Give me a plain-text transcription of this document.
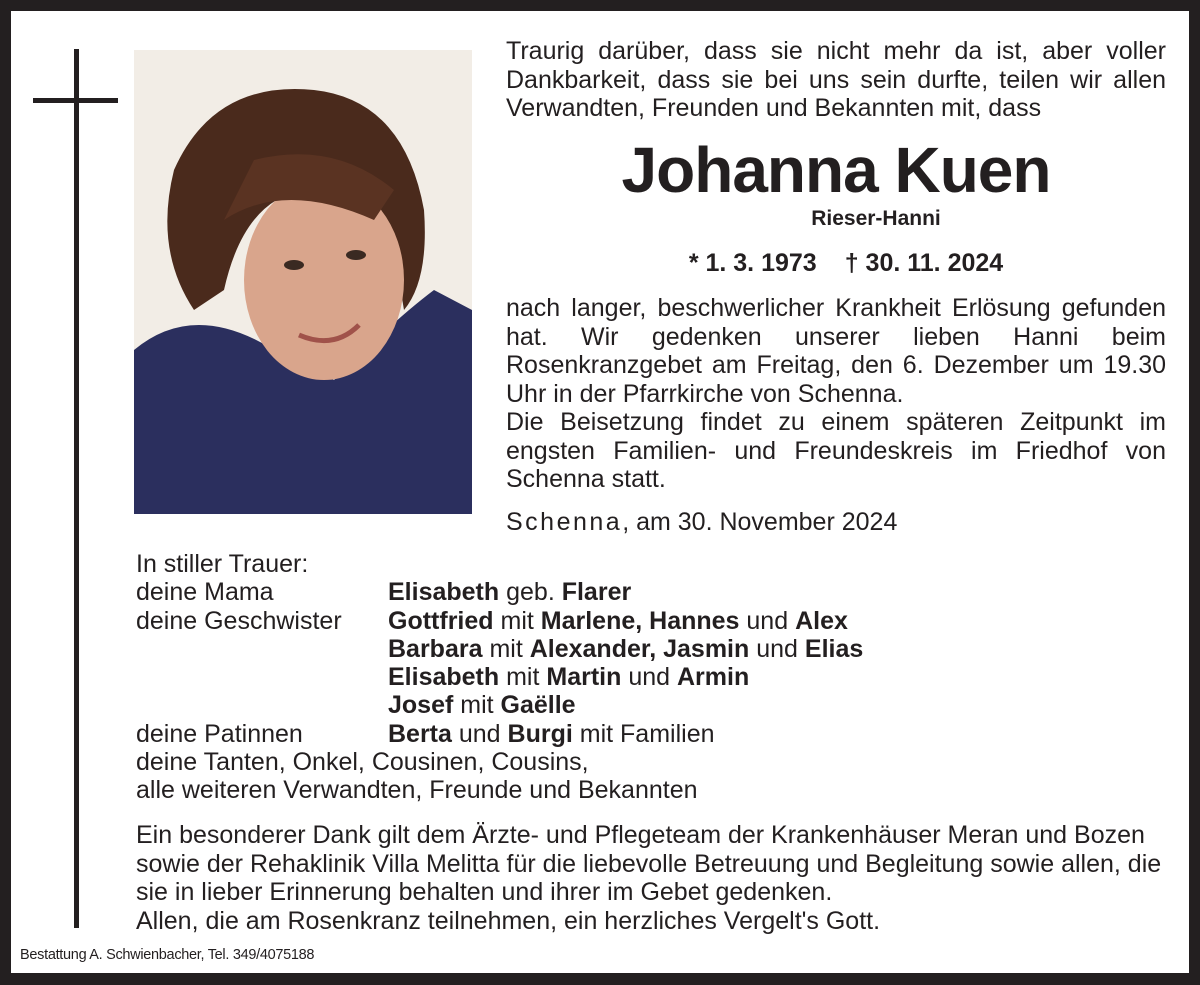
Traurig darüber, dass sie nicht mehr da ist, aber voller Dankbarkeit, dass sie bei uns sein durfte, teilen wir allen Verwandten, Freunden und Bekannten mit, dass
Johanna Kuen
Rieser-Hanni
* 1. 3. 1973 † 30. 11. 2024

nach langer, beschwerlicher Krankheit Erlösung gefunden hat. Wir gedenken unserer lieben Hanni beim Rosenkranzgebet am Freitag, den 6. Dezember um 19.30 Uhr in der Pfarrkirche von Schenna.

Die Beisetzung findet zu einem späteren Zeitpunkt im engsten Familien- und Freundeskreis im Friedhof von Schenna statt.

Schenna, am 30. November 2024
In stiller Trauer:
deine Mama	Elisabeth geb. Flarer
deine Geschwister	Gottfried mit Marlene, Hannes und Alex
Barbara mit Alexander, Jasmin und Elias
Elisabeth mit Martin und Armin
Josef mit Gaëlle
deine Patinnen	Berta und Burgi mit Familien
deine Tanten, Onkel, Cousinen, Cousins,
alle weiteren Verwandten, Freunde und Bekannten
Ein besonderer Dank gilt dem Ärzte- und Pflegeteam der Krankenhäuser Meran und Bozen sowie der Rehaklinik Villa Melitta für die liebevolle Betreuung und Begleitung sowie allen, die sie in lieber Erinnerung behalten und ihrer im Gebet gedenken.
Allen, die am Rosenkranz teilnehmen, ein herzliches Vergelt's Gott.
Bestattung A. Schwienbacher, Tel. 349/4075188
